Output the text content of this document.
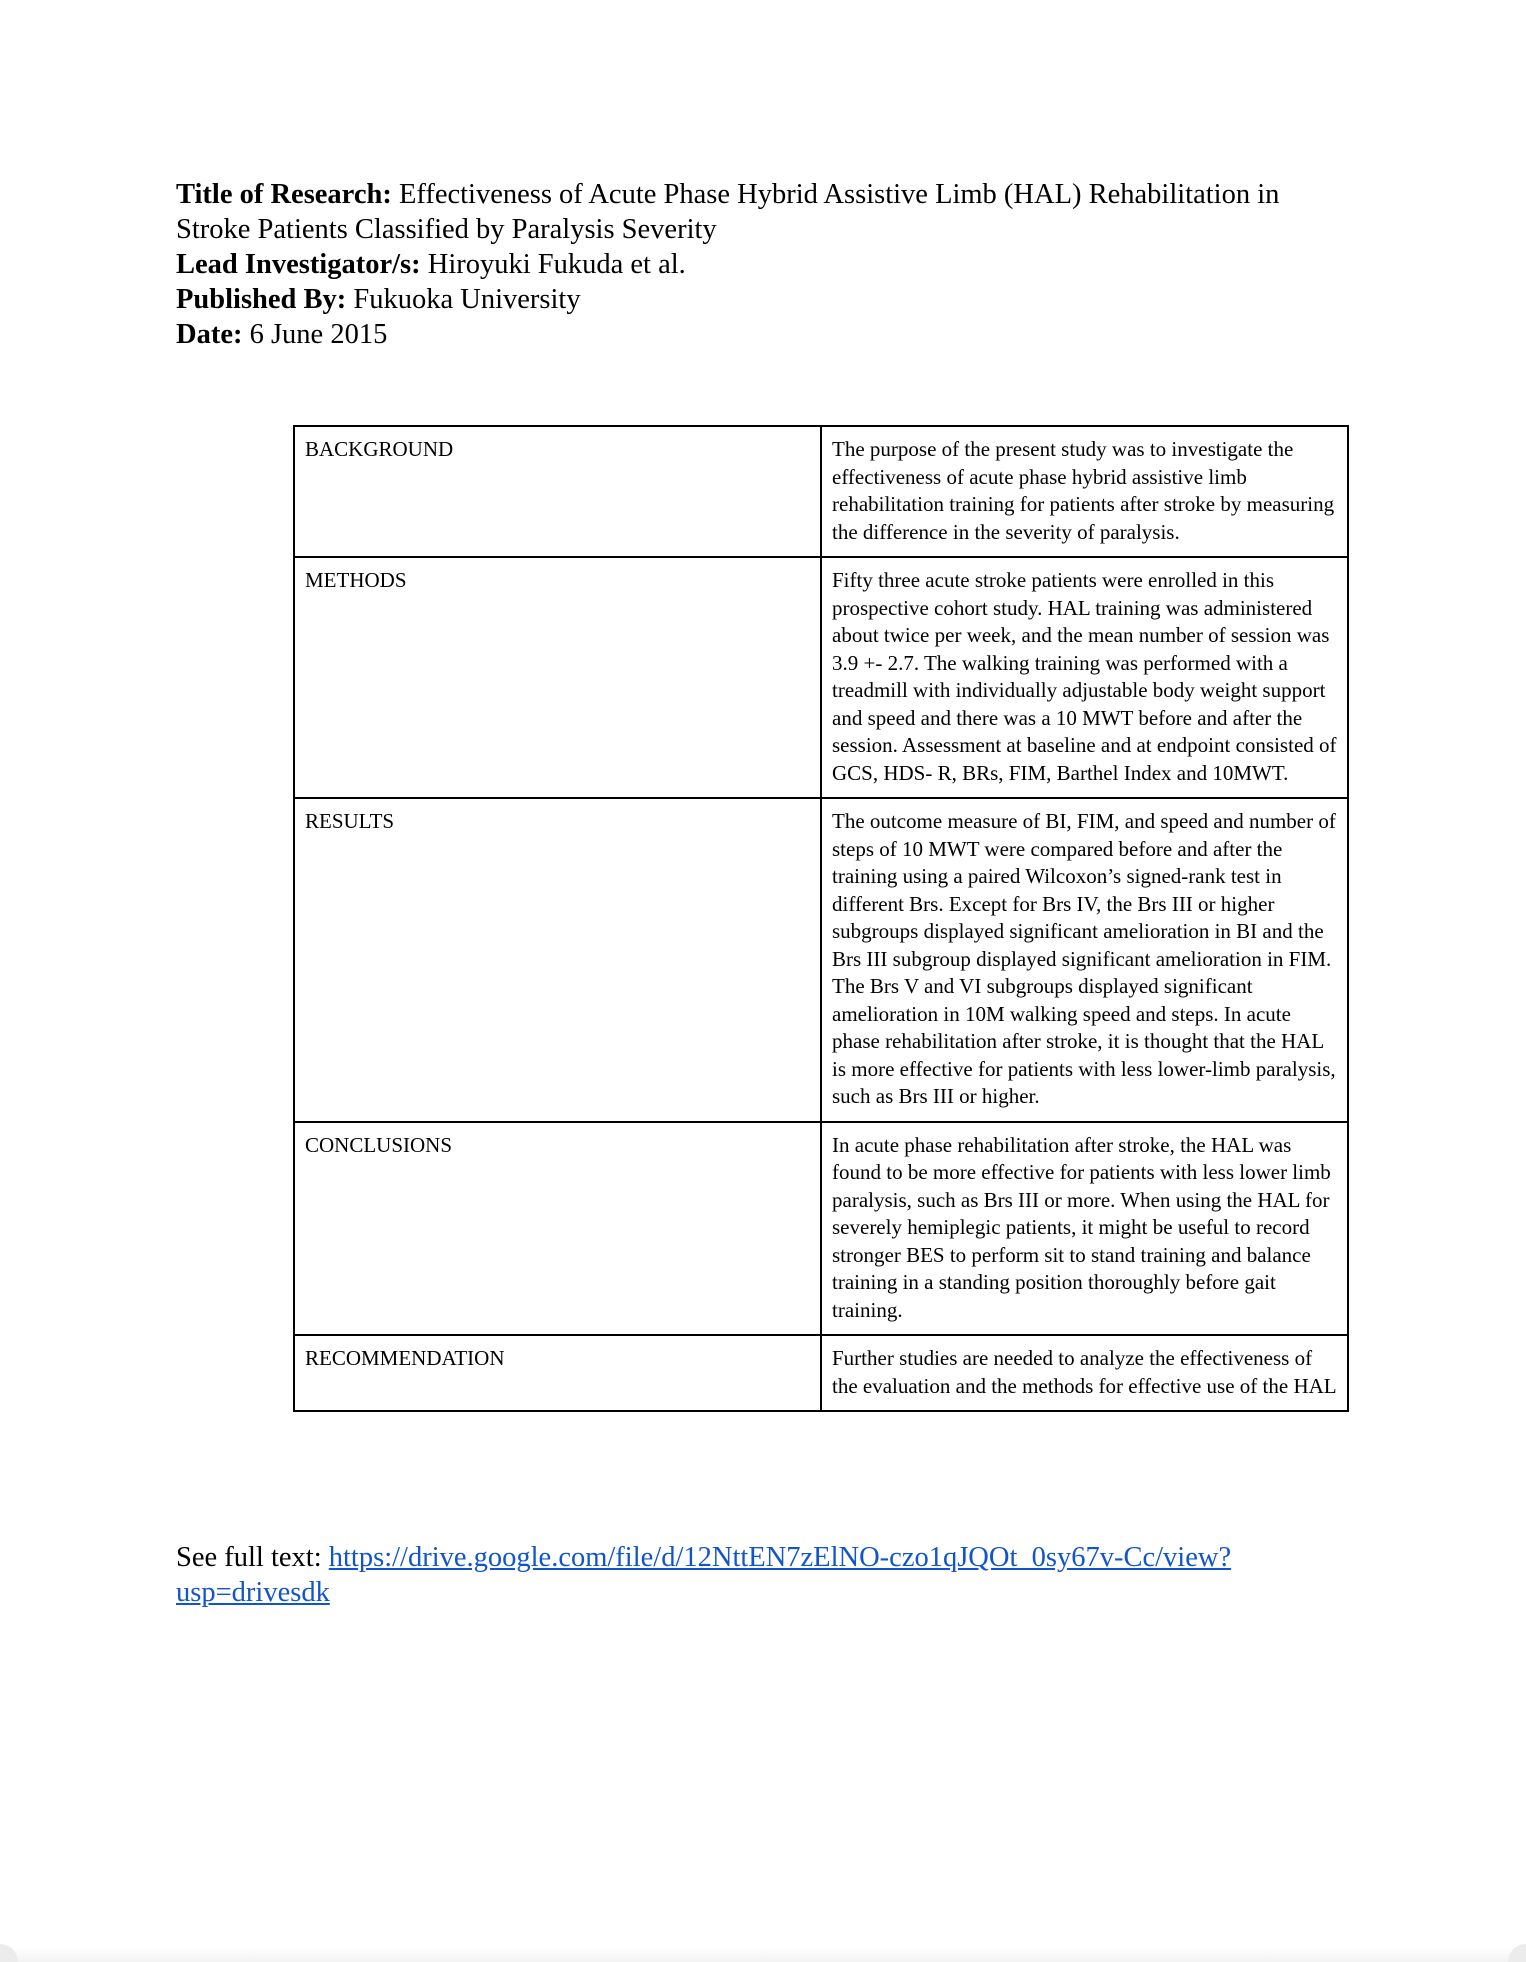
Title of Research: Effectiveness of Acute Phase Hybrid Assistive Limb (HAL) Rehabilitation in

Stroke Patients Classified by Paralysis Severity

Lead Investigator/s: Hiroyuki Fukuda et al.

Published By: Fukuoka University

Date: 6 June 2015

BACKGROUND	The purpose of the present study was to investigate the effectiveness of acute phase hybrid assistive limb rehabilitation training for patients after stroke by measuring the difference in the severity of paralysis.
METHODS	Fifty three acute stroke patients were enrolled in this prospective cohort study. HAL training was administered about twice per week, and the mean number of session was 3.9 +- 2.7. The walking training was performed with a treadmill with individually adjustable body weight support and speed and there was a 10 MWT before and after the session. Assessment at baseline and at endpoint consisted of GCS, HDS- R, BRs, FIM, Barthel Index and 10MWT.
RESULTS	The outcome measure of BI, FIM, and speed and number of steps of 10 MWT were compared before and after the training using a paired Wilcoxon’s signed-rank test in different Brs. Except for Brs IV, the Brs III or higher subgroups displayed significant amelioration in BI and the Brs III subgroup displayed significant amelioration in FIM. The Brs V and VI subgroups displayed significant amelioration in 10M walking speed and steps. In acute phase rehabilitation after stroke, it is thought that the HAL is more effective for patients with less lower-limb paralysis, such as Brs III or higher.
CONCLUSIONS	In acute phase rehabilitation after stroke, the HAL was found to be more effective for patients with less lower limb paralysis, such as Brs III or more. When using the HAL for severely hemiplegic patients, it might be useful to record stronger BES to perform sit to stand training and balance training in a standing position thoroughly before gait training.
RECOMMENDATION	Further studies are needed to analyze the effectiveness of the evaluation and the methods for effective use of the HAL
See full text: https://drive.google.com/file/d/12NttEN7zElNO-czo1qJQOt_0sy67v-Cc/view?
usp=drivesdk
